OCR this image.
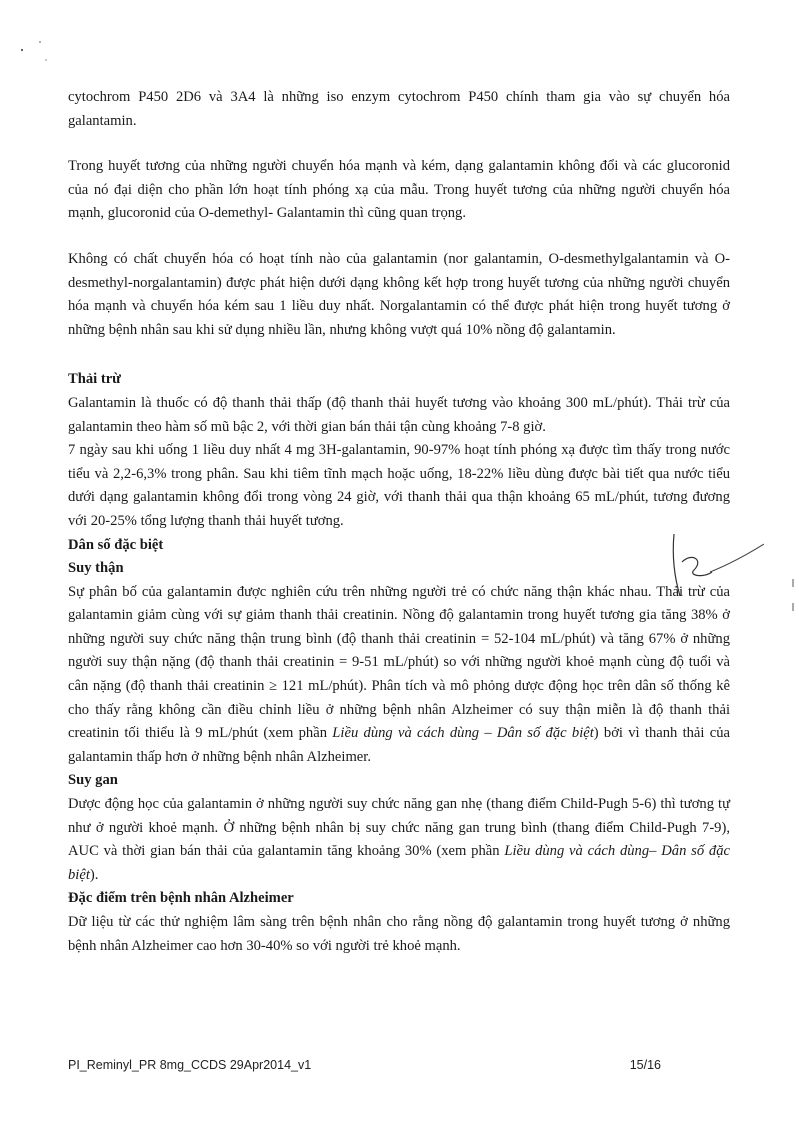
cytochrom P450 2D6 và 3A4 là những iso enzym cytochrom P450 chính tham gia vào sự chuyển hóa galantamin.

Trong huyết tương của những người chuyển hóa mạnh và kém, dạng galantamin không đổi và các glucoronid của nó đại diện cho phần lớn hoạt tính phóng xạ của mẫu. Trong huyết tương của những người chuyển hóa mạnh, glucoronid của O-demethyl- Galantamin thì cũng quan trọng.

Không có chất chuyển hóa có hoạt tính nào của galantamin (nor galantamin, O-desmethylgalantamin và O-desmethyl-norgalantamin) được phát hiện dưới dạng không kết hợp trong huyết tương của những người chuyển hóa mạnh và chuyển hóa kém sau 1 liều duy nhất. Norgalantamin có thể được phát hiện trong huyết tương ở những bệnh nhân sau khi sử dụng nhiều lần, nhưng không vượt quá 10% nồng độ galantamin.

Thải trừ

Galantamin là thuốc có độ thanh thải thấp (độ thanh thải huyết tương vào khoảng 300 mL/phút). Thải trừ của galantamin theo hàm số mũ bậc 2, với thời gian bán thải tận cùng khoảng 7-8 giờ.

7 ngày sau khi uống 1 liều duy nhất 4 mg 3H-galantamin, 90-97% hoạt tính phóng xạ được tìm thấy trong nước tiểu và 2,2-6,3% trong phân. Sau khi tiêm tĩnh mạch hoặc uống, 18-22% liều dùng được bài tiết qua nước tiểu dưới dạng galantamin không đổi trong vòng 24 giờ, với thanh thải qua thận khoảng 65 mL/phút, tương đương với 20-25% tổng lượng thanh thải huyết tương.

Dân số đặc biệt

Suy thận

Sự phân bố của galantamin được nghiên cứu trên những người trẻ có chức năng thận khác nhau. Thải trừ của galantamin giảm cùng với sự giảm thanh thải creatinin. Nồng độ galantamin trong huyết tương gia tăng 38% ở những người suy chức năng thận trung bình (độ thanh thải creatinin = 52-104 mL/phút) và tăng 67% ở những người suy thận nặng (độ thanh thải creatinin = 9-51 mL/phút) so với những người khoẻ mạnh cùng độ tuổi và cân nặng (độ thanh thải creatinin ≥ 121 mL/phút). Phân tích và mô phỏng dược động học trên dân số thống kê cho thấy rằng không cần điều chỉnh liều ở những bệnh nhân Alzheimer có suy thận miễn là độ thanh thải creatinin tối thiểu là 9 mL/phút (xem phần Liều dùng và cách dùng – Dân số đặc biệt) bởi vì thanh thải của galantamin thấp hơn ở những bệnh nhân Alzheimer.

Suy gan

Dược động học của galantamin ở những người suy chức năng gan nhẹ (thang điểm Child-Pugh 5-6) thì tương tự như ở người khoẻ mạnh. Ở những bệnh nhân bị suy chức năng gan trung bình (thang điểm Child-Pugh 7-9), AUC và thời gian bán thải của galantamin tăng khoảng 30% (xem phần Liều dùng và cách dùng– Dân số đặc biệt).

Đặc điểm trên bệnh nhân Alzheimer

Dữ liệu từ các thử nghiệm lâm sàng trên bệnh nhân cho rằng nồng độ galantamin trong huyết tương ở những bệnh nhân Alzheimer cao hơn 30-40% so với người trẻ khoẻ mạnh.

PI_Reminyl_PR 8mg_CCDS 29Apr2014_v1	15/16
